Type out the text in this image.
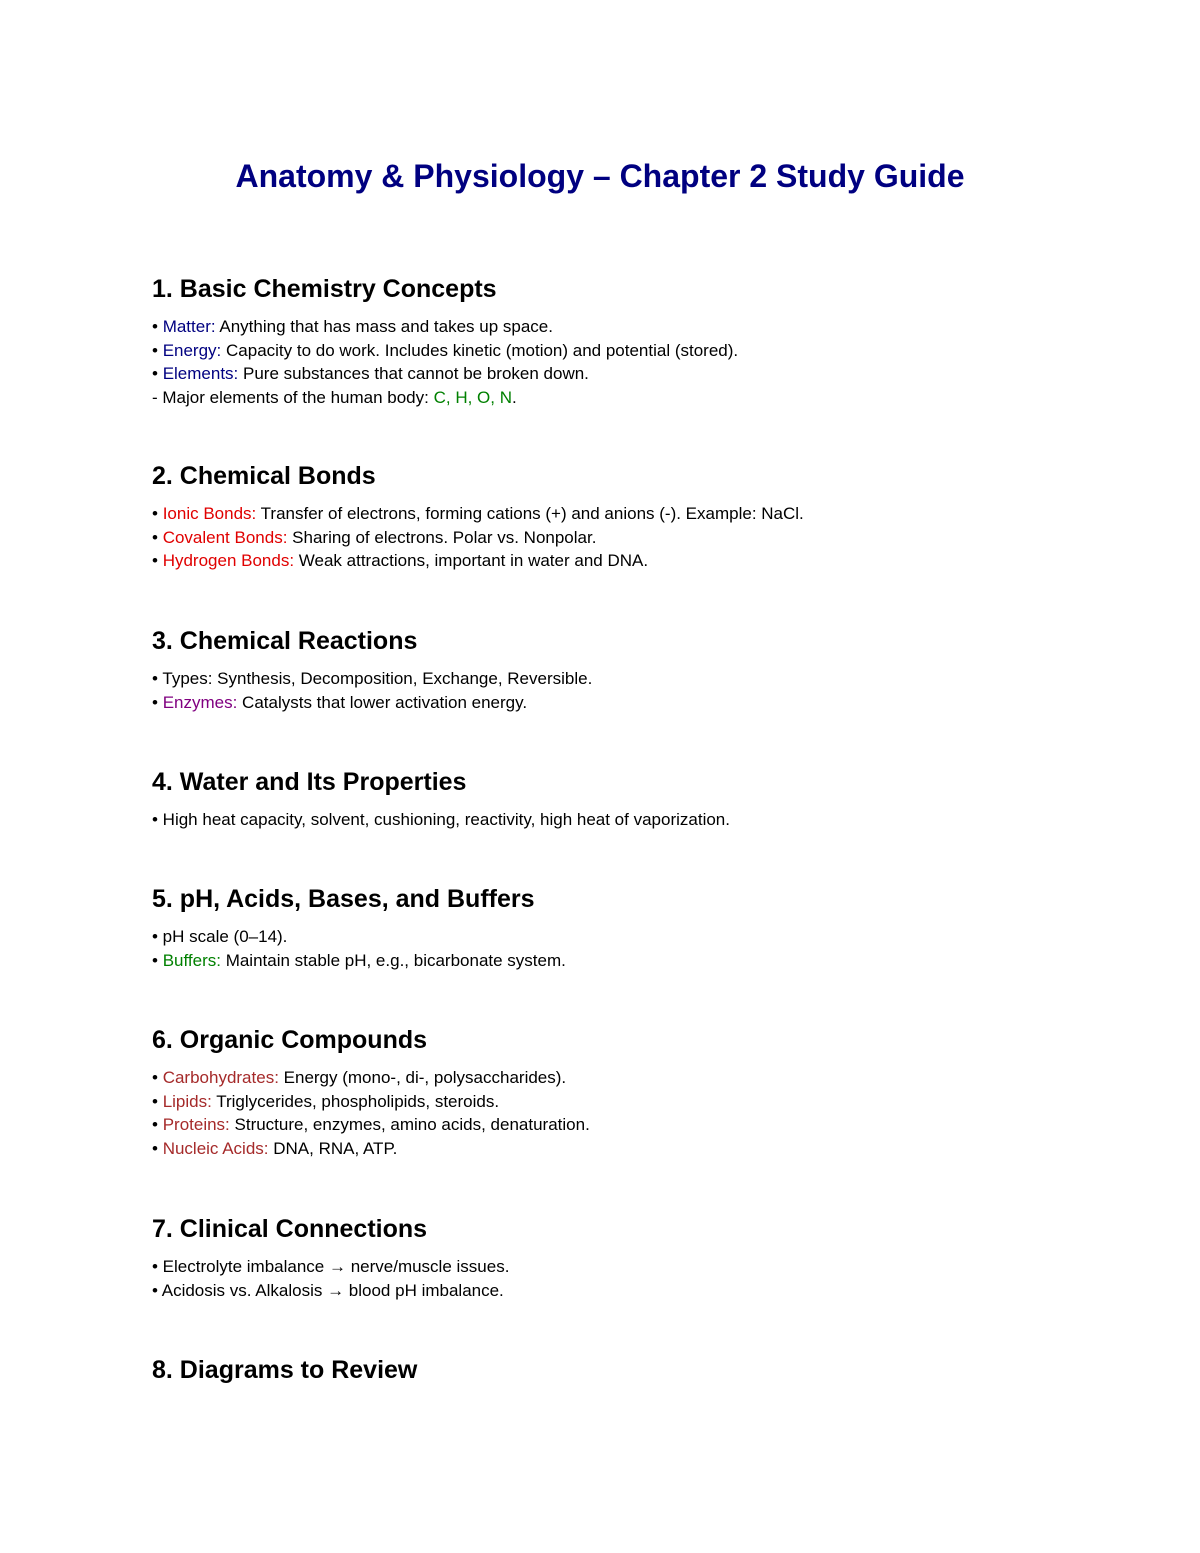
Anatomy & Physiology – Chapter 2 Study Guide
1. Basic Chemistry Concepts
• Matter: Anything that has mass and takes up space.
• Energy: Capacity to do work. Includes kinetic (motion) and potential (stored).
• Elements: Pure substances that cannot be broken down.
- Major elements of the human body: C, H, O, N.
2. Chemical Bonds
• Ionic Bonds: Transfer of electrons, forming cations (+) and anions (-). Example: NaCl.
• Covalent Bonds: Sharing of electrons. Polar vs. Nonpolar.
• Hydrogen Bonds: Weak attractions, important in water and DNA.
3. Chemical Reactions
• Types: Synthesis, Decomposition, Exchange, Reversible.
• Enzymes: Catalysts that lower activation energy.
4. Water and Its Properties
• High heat capacity, solvent, cushioning, reactivity, high heat of vaporization.
5. pH, Acids, Bases, and Buffers
• pH scale (0–14).
• Buffers: Maintain stable pH, e.g., bicarbonate system.
6. Organic Compounds
• Carbohydrates: Energy (mono-, di-, polysaccharides).
• Lipids: Triglycerides, phospholipids, steroids.
• Proteins: Structure, enzymes, amino acids, denaturation.
• Nucleic Acids: DNA, RNA, ATP.
7. Clinical Connections
• Electrolyte imbalance → nerve/muscle issues.
• Acidosis vs. Alkalosis → blood pH imbalance.
8. Diagrams to Review
